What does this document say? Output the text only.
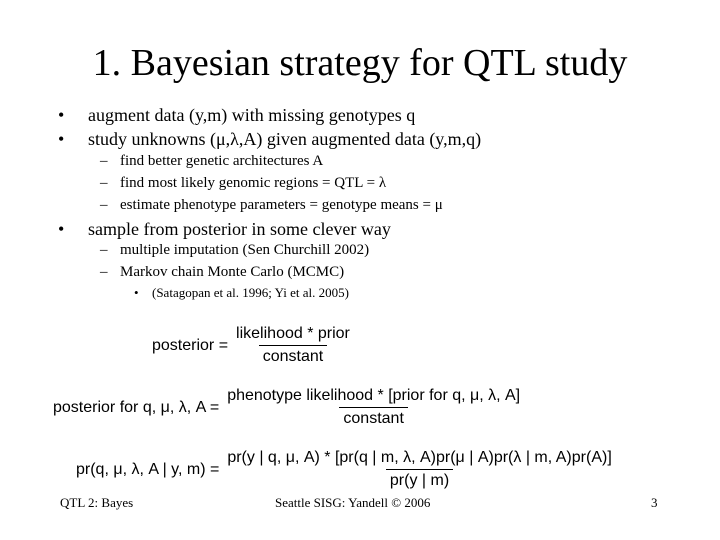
1. Bayesian strategy for QTL study
• augment data (y,m) with missing genotypes q
• study unknowns (μ,λ,A) given augmented data (y,m,q)
– find better genetic architectures A
– find most likely genomic regions = QTL = λ
– estimate phenotype parameters = genotype means = μ
• sample from posterior in some clever way
– multiple imputation (Sen Churchill 2002)
– Markov chain Monte Carlo (MCMC)
• (Satagopan et al. 1996; Yi et al. 2005)
posterior = $\frac{\text{likelihood * prior}}{\text{constant}}$
posterior for q, μ, λ, $A = \frac{\text{phenotype likelihood * [prior for q, μ, λ, A]}}{\text{constant}}$
pr(q, μ, λ, A | y, m) =
pr(y | q, μ, A) * [pr(q | m, λ, A)pr(μ | A)pr(λ | m, A)pr(A)]
pr(y | m)
QTL 2: Bayes	Seattle SISG: Yandell © 2006	3
